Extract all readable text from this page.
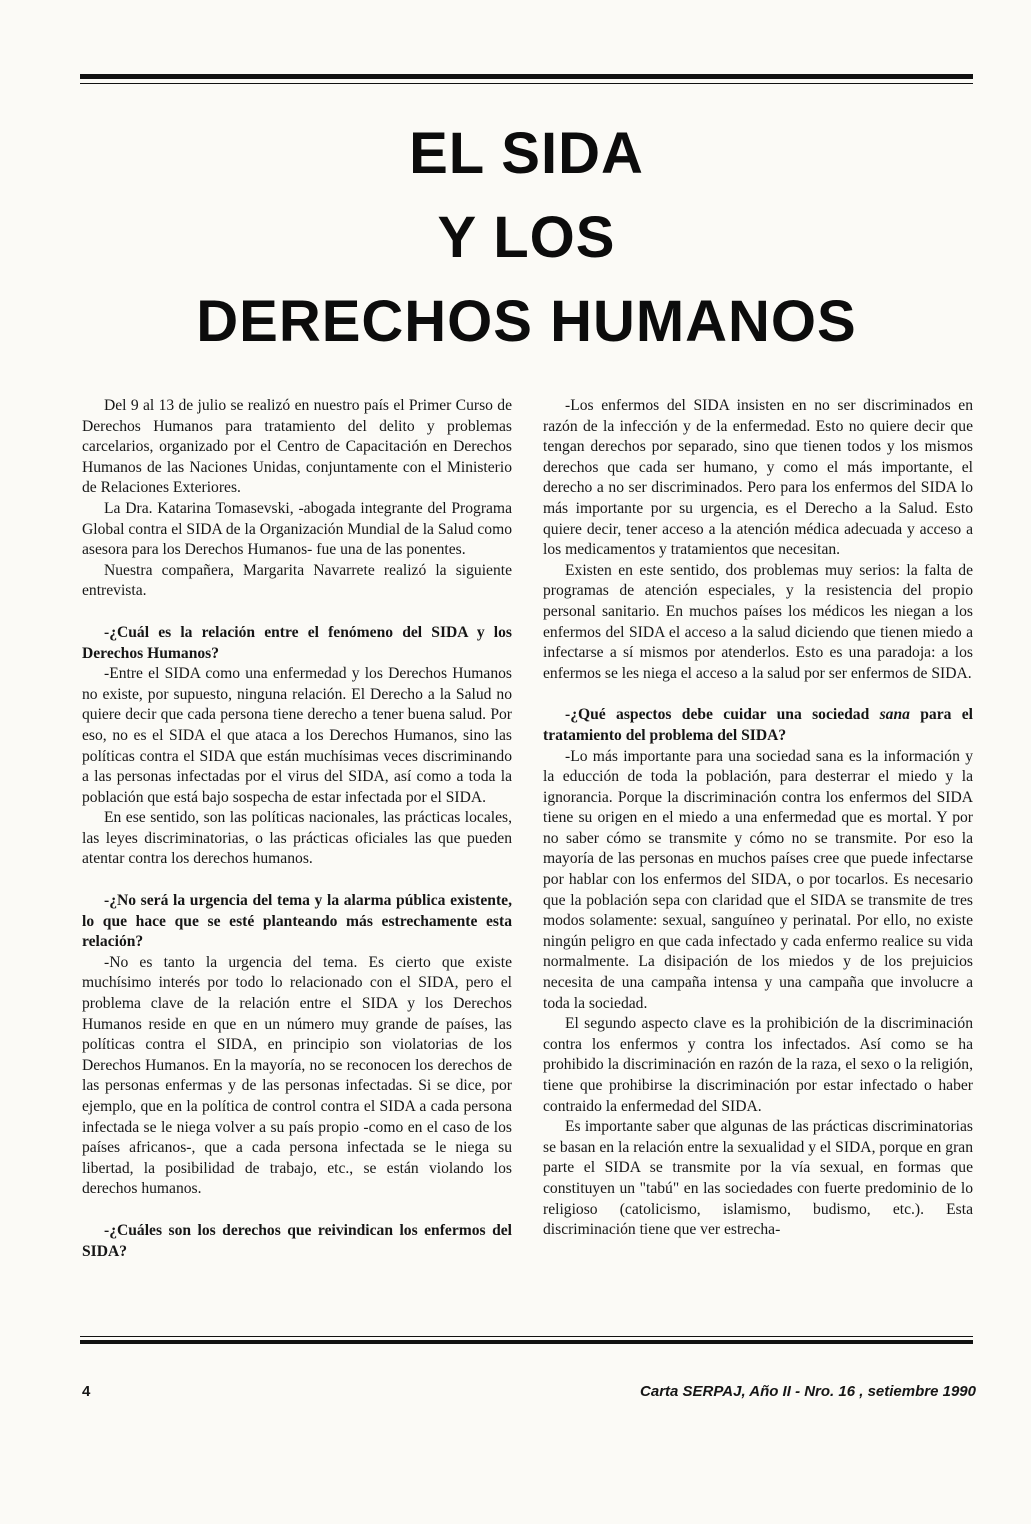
EL SIDA
Y LOS
DERECHOS HUMANOS

Del 9 al 13 de julio se realizó en nuestro país el Primer Curso de Derechos Humanos para tratamiento del delito y problemas carcelarios, organizado por el Centro de Capacitación en Derechos Humanos de las Naciones Unidas, conjuntamente con el Ministerio de Relaciones Exteriores.

La Dra. Katarina Tomasevski, -abogada integrante del Programa Global contra el SIDA de la Organización Mundial de la Salud como asesora para los Derechos Humanos- fue una de las ponentes.

Nuestra compañera, Margarita Navarrete realizó la siguiente entrevista.

-¿Cuál es la relación entre el fenómeno del SIDA y los Derechos Humanos?

-Entre el SIDA como una enfermedad y los Derechos Humanos no existe, por supuesto, ninguna relación. El Derecho a la Salud no quiere decir que cada persona tiene derecho a tener buena salud. Por eso, no es el SIDA el que ataca a los Derechos Humanos, sino las políticas contra el SIDA que están muchísimas veces discriminando a las personas infectadas por el virus del SIDA, así como a toda la población que está bajo sospecha de estar infectada por el SIDA.

En ese sentido, son las políticas nacionales, las prácticas locales, las leyes discriminatorias, o las prácticas oficiales las que pueden atentar contra los derechos humanos.

-¿No será la urgencia del tema y la alarma pública existente, lo que hace que se esté planteando más estrechamente esta relación?

-No es tanto la urgencia del tema. Es cierto que existe muchísimo interés por todo lo relacionado con el SIDA, pero el problema clave de la relación entre el SIDA y los Derechos Humanos reside en que en un número muy grande de países, las políticas contra el SIDA, en principio son violatorias de los Derechos Humanos. En la mayoría, no se reconocen los derechos de las personas enfermas y de las personas infectadas. Si se dice, por ejemplo, que en la política de control contra el SIDA a cada persona infectada se le niega volver a su país propio -como en el caso de los países africanos-, que a cada persona infectada se le niega su libertad, la posibilidad de trabajo, etc., se están violando los derechos humanos.

-¿Cuáles son los derechos que reivindican los enfermos del SIDA?

-Los enfermos del SIDA insisten en no ser discriminados en razón de la infección y de la enfermedad. Esto no quiere decir que tengan derechos por separado, sino que tienen todos y los mismos derechos que cada ser humano, y como el más importante, el derecho a no ser discriminados. Pero para los enfermos del SIDA lo más importante por su urgencia, es el Derecho a la Salud. Esto quiere decir, tener acceso a la atención médica adecuada y acceso a los medicamentos y tratamientos que necesitan.

Existen en este sentido, dos problemas muy serios: la falta de programas de atención especiales, y la resistencia del propio personal sanitario. En muchos países los médicos les niegan a los enfermos del SIDA el acceso a la salud diciendo que tienen miedo a infectarse a sí mismos por atenderlos. Esto es una paradoja: a los enfermos se les niega el acceso a la salud por ser enfermos de SIDA.

-¿Qué aspectos debe cuidar una sociedad sana para el tratamiento del problema del SIDA?

-Lo más importante para una sociedad sana es la información y la educción de toda la población, para desterrar el miedo y la ignorancia. Porque la discriminación contra los enfermos del SIDA tiene su origen en el miedo a una enfermedad que es mortal. Y por no saber cómo se transmite y cómo no se transmite. Por eso la mayoría de las personas en muchos países cree que puede infectarse por hablar con los enfermos del SIDA, o por tocarlos. Es necesario que la población sepa con claridad que el SIDA se transmite de tres modos solamente: sexual, sanguíneo y perinatal. Por ello, no existe ningún peligro en que cada infectado y cada enfermo realice su vida normalmente. La disipación de los miedos y de los prejuicios necesita de una campaña intensa y una campaña que involucre a toda la sociedad.

El segundo aspecto clave es la prohibición de la discriminación contra los enfermos y contra los infectados. Así como se ha prohibido la discriminación en razón de la raza, el sexo o la religión, tiene que prohibirse la discriminación por estar infectado o haber contraido la enfermedad del SIDA.

Es importante saber que algunas de las prácticas discriminatorias se basan en la relación entre la sexualidad y el SIDA, porque en gran parte el SIDA se transmite por la vía sexual, en formas que constituyen un "tabú" en las sociedades con fuerte predominio de lo religioso (catolicismo, islamismo, budismo, etc.). Esta discriminación tiene que ver estrecha-

4	Carta SERPAJ, Año II - Nro. 16 , setiembre 1990
